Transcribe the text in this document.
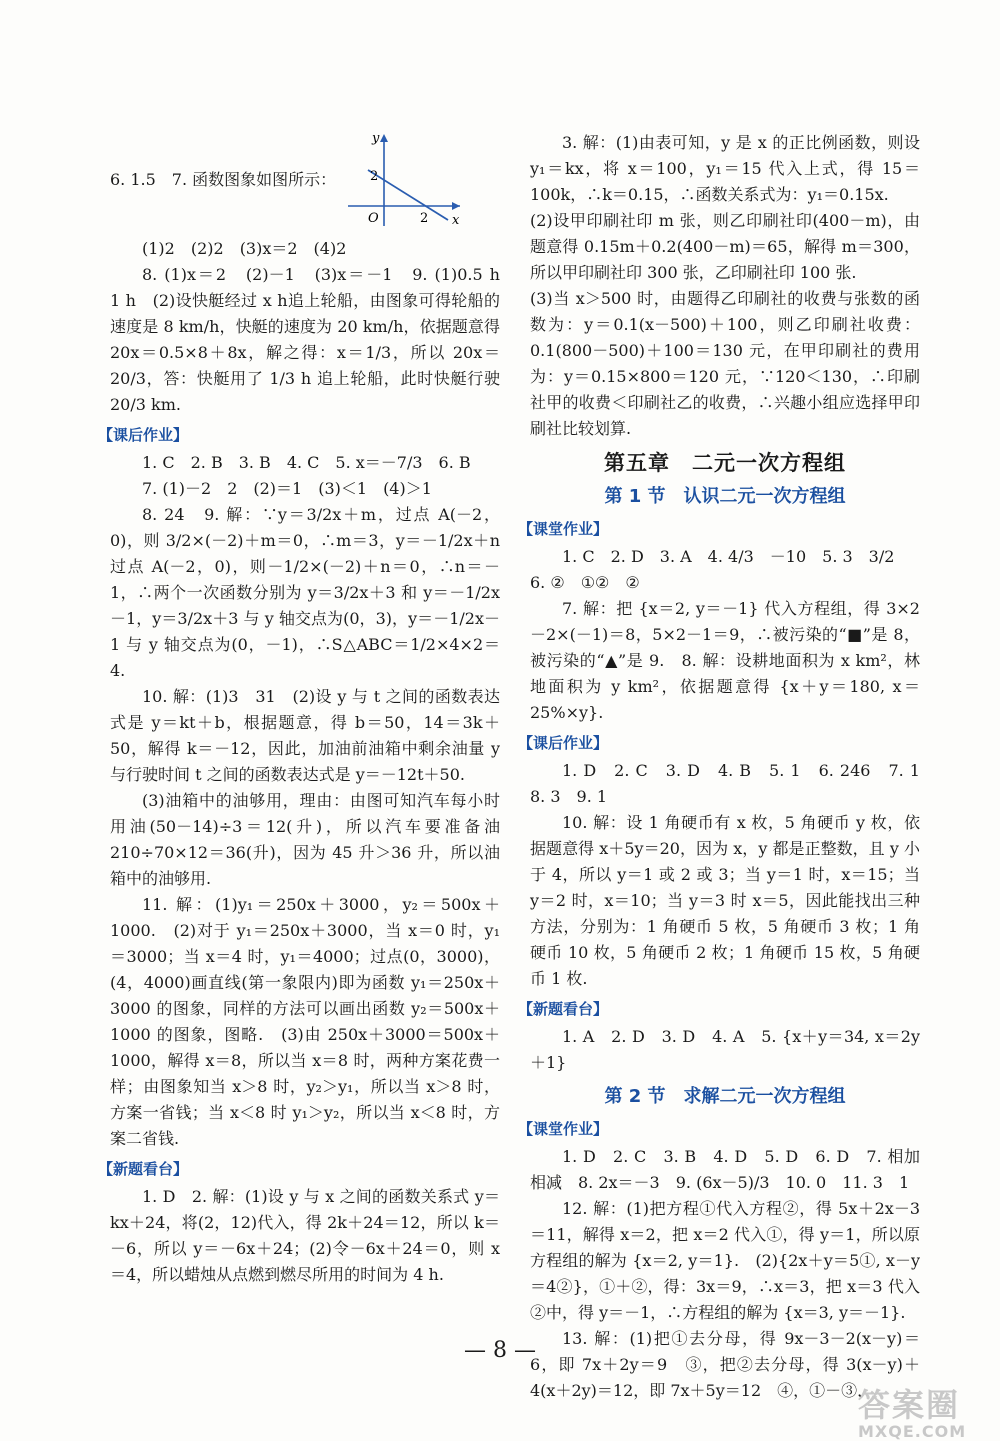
6. 1.5　7. 函数图象如图所示：
y
x
O
2
2

(1)2　(2)2　(3)x＝2　(4)2

8. (1)x＝2　(2)－1　(3)x＝－1　9. (1)0.5 h　1 h　(2)设快艇经过 x h追上轮船，由图象可得轮船的速度是 8 km/h，快艇的速度为 20 km/h，依据题意得 20x＝0.5×8＋8x，解之得：x＝1/3，所以 20x＝20/3，答：快艇用了 1/3 h 追上轮船，此时快艇行驶 20/3 km.

【课后作业】

1. C　2. B　3. B　4. C　5. x＝－7/3　6. B

7. (1)－2　2　(2)＝1　(3)＜1　(4)＞1

8. 24　9. 解：∵y＝3/2x＋m，过点 A(－2，0)，则 3/2×(－2)＋m＝0，∴m＝3，y＝－1/2x＋n 过点 A(－2，0)，则－1/2×(－2)＋n＝0，∴n＝－1，∴两个一次函数分别为 y＝3/2x＋3 和 y＝－1/2x－1，y＝3/2x＋3 与 y 轴交点为(0，3)，y＝－1/2x－1 与 y 轴交点为(0，－1)，∴S△ABC＝1/2×4×2＝4.

10. 解：(1)3　31　(2)设 y 与 t 之间的函数表达式是 y＝kt＋b，根据题意，得 b＝50，14＝3k＋50，解得 k＝－12，因此，加油前油箱中剩余油量 y 与行驶时间 t 之间的函数表达式是 y＝－12t＋50.

(3)油箱中的油够用，理由：由图可知汽车每小时用油(50－14)÷3＝12(升)，所以汽车要准备油 210÷70×12＝36(升)，因为 45 升＞36 升，所以油箱中的油够用.

11. 解：(1)y₁＝250x＋3000，y₂＝500x＋1000.　(2)对于 y₁＝250x＋3000，当 x＝0 时，y₁＝3000；当 x＝4 时，y₁＝4000；过点(0，3000)，(4，4000)画直线(第一象限内)即为函数 y₁＝250x＋3000 的图象，同样的方法可以画出函数 y₂＝500x＋1000 的图象，图略.　(3)由 250x＋3000＝500x＋1000，解得 x＝8，所以当 x＝8 时，两种方案花费一样；由图象知当 x＞8 时，y₂＞y₁，所以当 x＞8 时，方案一省钱；当 x＜8 时 y₁＞y₂，所以当 x＜8 时，方案二省钱.

【新题看台】

1. D　2. 解：(1)设 y 与 x 之间的函数关系式 y＝kx＋24，将(2，12)代入，得 2k＋24＝12，所以 k＝－6，所以 y＝－6x＋24；(2)令－6x＋24＝0，则 x＝4，所以蜡烛从点燃到燃尽所用的时间为 4 h.

3. 解：(1)由表可知，y 是 x 的正比例函数，则设 y₁＝kx，将 x＝100，y₁＝15 代入上式，得 15＝100k，∴k＝0.15，∴函数关系式为：y₁＝0.15x.

(2)设甲印刷社印 m 张，则乙印刷社印(400－m)，由题意得 0.15m＋0.2(400－m)＝65，解得 m＝300，所以甲印刷社印 300 张，乙印刷社印 100 张.

(3)当 x＞500 时，由题得乙印刷社的收费与张数的函数为：y＝0.1(x－500)＋100，则乙印刷社收费：0.1(800－500)＋100＝130 元，在甲印刷社的费用为：y＝0.15×800＝120 元，∵120＜130，∴印刷社甲的收费＜印刷社乙的收费，∴兴趣小组应选择甲印刷社比较划算.

第五章　二元一次方程组
第 1 节　认识二元一次方程组
【课堂作业】

1. C　2. D　3. A　4. 4/3　－10　5. 3　3/2

6. ②　①②　②

7. 解：把 {x＝2, y＝－1} 代入方程组，得 3×2－2×(－1)＝8，5×2－1＝9，∴被污染的“■”是 8，被污染的“▲”是 9.　8. 解：设耕地面积为 x km²，林地面积为 y km²，依据题意得 {x＋y＝180, x＝25%×y}.

【课后作业】

1. D　2. C　3. D　4. B　5. 1　6. 246　7. 1　8. 3　9. 1

10. 解：设 1 角硬币有 x 枚，5 角硬币 y 枚，依据题意得 x＋5y＝20，因为 x，y 都是正整数，且 y 小于 4，所以 y＝1 或 2 或 3；当 y＝1 时，x＝15；当 y＝2 时，x＝10；当 y＝3 时 x＝5，因此能找出三种方法，分别为：1 角硬币 5 枚，5 角硬币 3 枚；1 角硬币 10 枚，5 角硬币 2 枚；1 角硬币 15 枚，5 角硬币 1 枚.

【新题看台】

1. A　2. D　3. D　4. A　5. {x＋y＝34, x＝2y＋1}

第 2 节　求解二元一次方程组
【课堂作业】

1. D　2. C　3. B　4. D　5. D　6. D　7. 相加　相减　8. 2x＝－3　9. (6x－5)/3　10. 0　11. 3　1

12. 解：(1)把方程①代入方程②，得 5x＋2x－3＝11，解得 x＝2，把 x＝2 代入①，得 y＝1，所以原方程组的解为 {x＝2, y＝1}.　(2){2x＋y＝5①, x－y＝4②}，①＋②，得：3x＝9，∴x＝3，把 x＝3 代入②中，得 y＝－1，∴方程组的解为 {x＝3, y＝－1}.

13. 解：(1)把①去分母，得 9x－3－2(x－y)＝6，即 7x＋2y＝9　③，把②去分母，得 3(x－y)＋4(x＋2y)＝12，即 7x＋5y＝12　④，①－③，

— 8 —
答案圈
MXQE.COM
